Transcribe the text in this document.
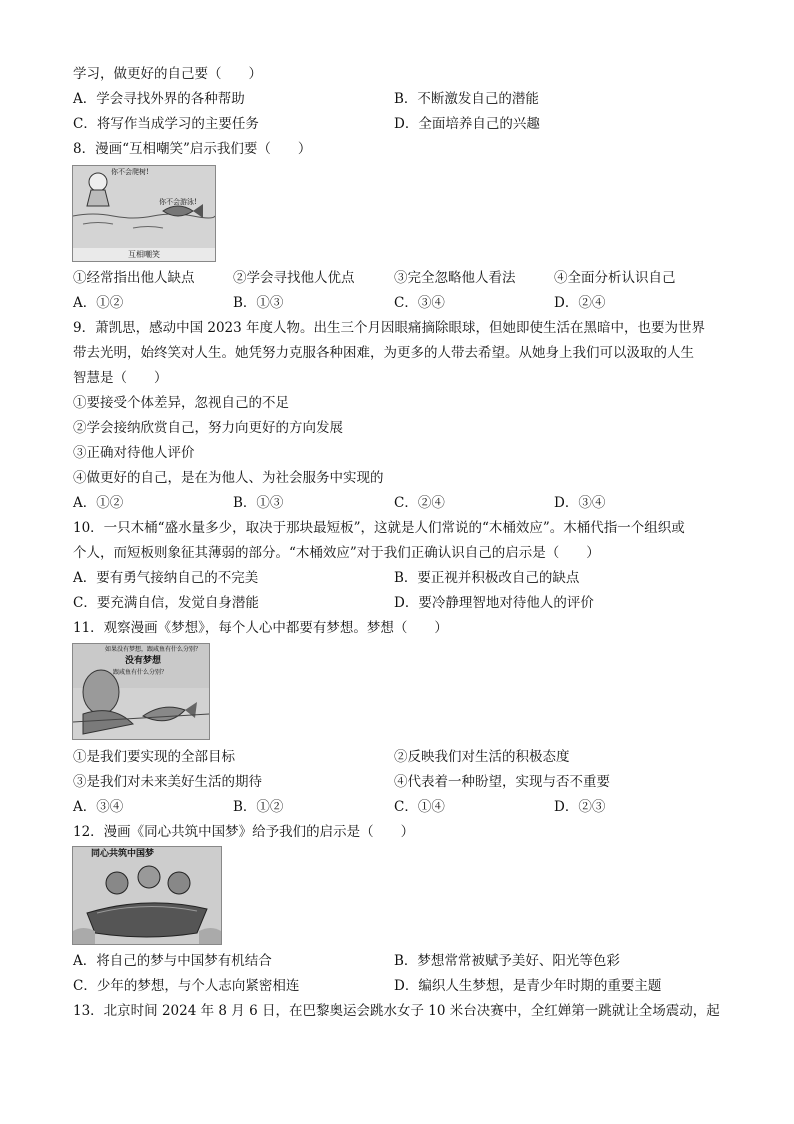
学习，做更好的自己要（　　）
A．学会寻找外界的各种帮助	B．不断激发自己的潜能
C．将写作当成学习的主要任务	D．全面培养自己的兴趣
8．漫画“互相嘲笑”启示我们要（　　）
你不会爬树!
你不会游泳!
互相嘲笑
①经常指出他人缺点	②学会寻找他人优点	③完全忽略他人看法	④全面分析认识自己
A．①②	B．①③	C．③④	D．②④
9．萧凯思，感动中国 2023 年度人物。出生三个月因眼痛摘除眼球，但她即使生活在黑暗中，也要为世界
带去光明，始终笑对人生。她凭努力克服各种困难，为更多的人带去希望。从她身上我们可以汲取的人生
智慧是（　　）
①要接受个体差异，忽视自己的不足
②学会接纳欣赏自己，努力向更好的方向发展
③正确对待他人评价
④做更好的自己，是在为他人、为社会服务中实现的
A．①②	B．①③	C．②④	D．③④
10．一只木桶“盛水量多少，取决于那块最短板”，这就是人们常说的“木桶效应”。木桶代指一个组织或
个人，而短板则象征其薄弱的部分。“木桶效应”对于我们正确认识自己的启示是（　　）
A．要有勇气接纳自己的不完美	B．要正视并积极改自己的缺点
C．要充满自信，发觉自身潜能	D．要冷静理智地对待他人的评价
11．观察漫画《梦想》，每个人心中都要有梦想。梦想（　　）
如果没有梦想，跟咸鱼有什么分别？
没有梦想
跟咸鱼有什么分别？
①是我们要实现的全部目标	②反映我们对生活的积极态度
③是我们对未来美好生活的期待	④代表着一种盼望，实现与否不重要
A．③④	B．①②	C．①④	D．②③
12．漫画《同心共筑中国梦》给予我们的启示是（　　）
同心共筑中国梦
A．将自己的梦与中国梦有机结合	B．梦想常常被赋予美好、阳光等色彩
C．少年的梦想，与个人志向紧密相连	D．编织人生梦想，是青少年时期的重要主题
13．北京时间 2024 年 8 月 6 日，在巴黎奥运会跳水女子 10 米台决赛中，全红婵第一跳就让全场震动，起
